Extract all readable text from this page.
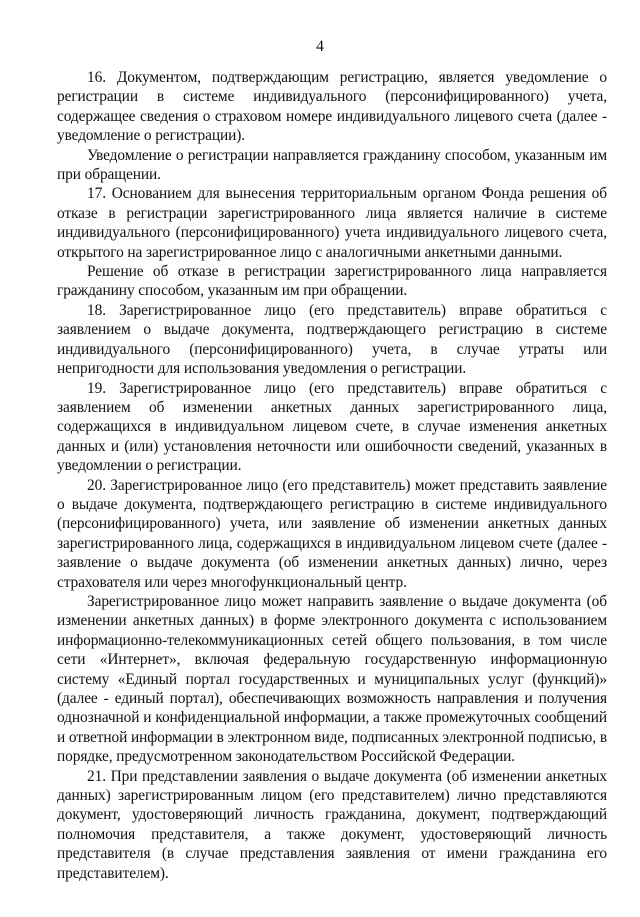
4

16. Документом, подтверждающим регистрацию, является уведомление о регистрации в системе индивидуального (персонифицированного) учета, содержащее сведения о страховом номере индивидуального лицевого счета (далее - уведомление о регистрации).

Уведомление о регистрации направляется гражданину способом, указанным им при обращении.

17. Основанием для вынесения территориальным органом Фонда решения об отказе в регистрации зарегистрированного лица является наличие в системе индивидуального (персонифицированного) учета индивидуального лицевого счета, открытого на зарегистрированное лицо с аналогичными анкетными данными.

Решение об отказе в регистрации зарегистрированного лица направляется гражданину способом, указанным им при обращении.

18. Зарегистрированное лицо (его представитель) вправе обратиться с заявлением о выдаче документа, подтверждающего регистрацию в системе индивидуального (персонифицированного) учета, в случае утраты или непригодности для использования уведомления о регистрации.

19. Зарегистрированное лицо (его представитель) вправе обратиться с заявлением об изменении анкетных данных зарегистрированного лица, содержащихся в индивидуальном лицевом счете, в случае изменения анкетных данных и (или) установления неточности или ошибочности сведений, указанных в уведомлении о регистрации.

20. Зарегистрированное лицо (его представитель) может представить заявление о выдаче документа, подтверждающего регистрацию в системе индивидуального (персонифицированного) учета, или заявление об изменении анкетных данных зарегистрированного лица, содержащихся в индивидуальном лицевом счете (далее - заявление о выдаче документа (об изменении анкетных данных) лично, через страхователя или через многофункциональный центр.

Зарегистрированное лицо может направить заявление о выдаче документа (об изменении анкетных данных) в форме электронного документа с использованием информационно-телекоммуникационных сетей общего пользования, в том числе сети «Интернет», включая федеральную государственную информационную систему «Единый портал государственных и муниципальных услуг (функций)» (далее - единый портал), обеспечивающих возможность направления и получения однозначной и конфиденциальной информации, а также промежуточных сообщений и ответной информации в электронном виде, подписанных электронной подписью, в порядке, предусмотренном законодательством Российской Федерации.

21. При представлении заявления о выдаче документа (об изменении анкетных данных) зарегистрированным лицом (его представителем) лично представляются документ, удостоверяющий личность гражданина, документ, подтверждающий полномочия представителя, а также документ, удостоверяющий личность представителя (в случае представления заявления от имени гражданина его представителем).
